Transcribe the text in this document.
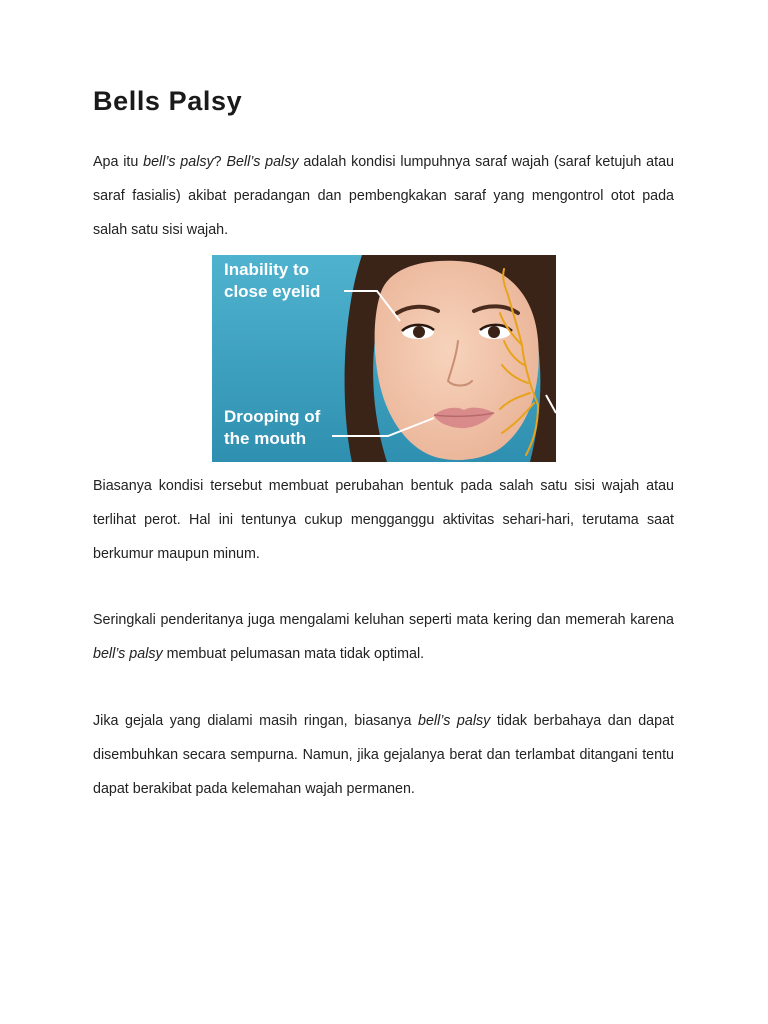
Bells Palsy

Apa itu bell’s palsy? Bell’s palsy adalah kondisi lumpuhnya saraf wajah (saraf ketujuh atau saraf fasialis) akibat peradangan dan pembengkakan saraf yang mengontrol otot pada salah satu sisi wajah.

Inability to
close eyelid
Drooping of
the mouth

Biasanya kondisi tersebut membuat perubahan bentuk pada salah satu sisi wajah atau terlihat perot. Hal ini tentunya cukup mengganggu aktivitas sehari-hari, terutama saat berkumur maupun minum.

Seringkali penderitanya juga mengalami keluhan seperti mata kering dan memerah karena bell’s palsy membuat pelumasan mata tidak optimal.

Jika gejala yang dialami masih ringan, biasanya bell’s palsy tidak berbahaya dan dapat disembuhkan secara sempurna. Namun, jika gejalanya berat dan terlambat ditangani tentu dapat berakibat pada kelemahan wajah permanen.
